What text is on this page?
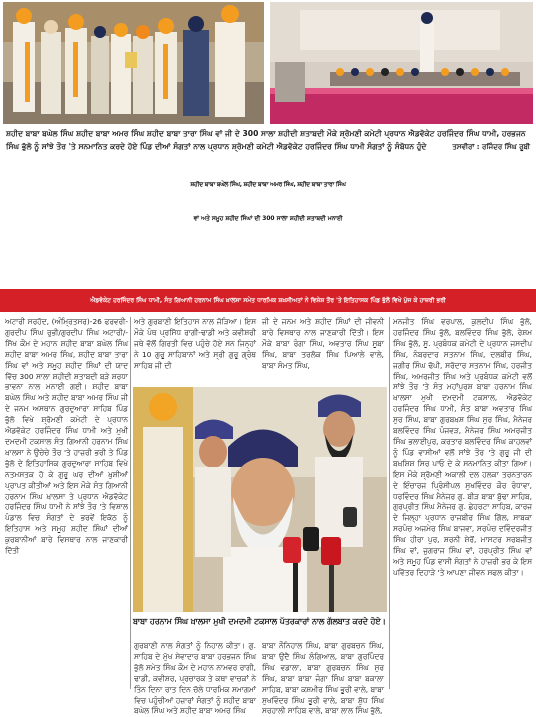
ਸ਼ਹੀਦ ਬਾਬਾ ਬਘੇਲ ਸਿੰਘ ਸ਼ਹੀਦ ਬਾਬਾ ਅਮਰ ਸਿੰਘ ਸ਼ਹੀਦ ਬਾਬਾ ਤਾਰਾ ਸਿੰਘ ਵਾਂ ਜੀ ਦੇ 300 ਸਾਲਾ ਸ਼ਹੀਦੀ ਸ਼ਤਾਬਦੀ ਮੌਕੇ ਸ਼੍ਰੋਮਣੀ ਕਮੇਟੀ ਪ੍ਰਧਾਨ ਐਡਵੋਕੇਟ ਹਰਜਿੰਦਰ ਸਿੰਘ ਧਾਮੀ, ਹਰਭਜਨ ਸਿੰਘ ਭੁੱਲੋ ਨੂੰ ਸਾਂਝੇ ਤੌਰ 'ਤੇ ਸਨਮਾਨਿਤ ਕਰਦੇ ਹੋਏ ਪਿੰਡ ਦੀਆਂ ਸੰਗਤਾਂ ਨਾਲ ਪ੍ਰਧਾਨ ਸ਼੍ਰੋਮਣੀ ਕਮੇਟੀ ਐਡਵੋਕੇਟ ਹਰਜਿੰਦਰ ਸਿੰਘ ਧਾਮੀ ਸੰਗਤਾਂ ਨੂੰ ਸੰਬੋਧਨ ਹੁੰਦੇ	ਤਸਵੀਰਾਂ : ਰਜਿੰਦਰ ਸਿੰਘ ਰੂਬੀ
ਸ਼ਹੀਦ ਬਾਬਾ ਬਘੇਲ ਸਿੰਘ, ਸ਼ਹੀਦ ਬਾਬਾ ਅਮਰ ਸਿੰਘ, ਸ਼ਹੀਦ ਬਾਬਾ ਤਾਰਾ ਸਿੰਘ
ਵਾਂ ਅਤੇ ਸਮੂਹ ਸ਼ਹੀਦ ਸਿੰਘਾਂ ਦੀ 300 ਸਾਲਾ ਸ਼ਹੀਦੀ ਸ਼ਤਾਬਦੀ ਮਨਾਈ
ਐਡਵੋਕੇਟ ਹਰਜਿੰਦਰ ਸਿੰਘ ਧਾਮੀ, ਸੰਤ ਗਿਆਨੀ ਹਰਨਾਮ ਸਿੰਘ ਖ਼ਾਲਸਾ ਸਮੇਤ ਧਾਰਮਿਕ ਸ਼ਖ਼ਸੀਅਤਾਂ ਨੇ ਵਿਸ਼ੇਸ਼ ਤੌਰ 'ਤੇ ਇਤਿਹਾਸਕ ਪਿੰਡ ਭੁੱਲੋ ਵਿਖੇ ਪੁੱਜ ਕੇ ਹਾਜ਼ਰੀ ਭਰੀ

ਅਟਾਰੀ ਸਰਹੱਦ, (ਅੰਮ੍ਰਿਤਸਰ)-26 ਫਰਵਰੀ-ਗੁਰਦੀਪ ਸਿੰਘ ਰੁਭੀ/ਗੁਰਦੀਪ ਸਿੰਘ ਅਟਾਰੀ/-ਸਿੱਖ ਕੌਮ ਦੇ ਮਹਾਨ ਸ਼ਹੀਦ ਬਾਬਾ ਬਘੇਲ ਸਿੰਘ ਸ਼ਹੀਦ ਬਾਬਾ ਅਮਰ ਸਿੰਘ, ਸ਼ਹੀਦ ਬਾਬਾ ਤਾਰਾ ਸਿੰਘ ਵਾਂ ਅਤੇ ਸਮੂਹ ਸ਼ਹੀਦ ਸਿੰਘਾਂ ਦੀ ਯਾਦ ਵਿੱਚ 300 ਸਾਲਾ ਸ਼ਹੀਦੀ ਸ਼ਤਾਬਦੀ ਬੜੇ ਸ਼ਰਧਾ ਭਾਵਨਾ ਨਾਲ ਮਨਾਈ ਗਈ। ਸ਼ਹੀਦ ਬਾਬਾ ਬਘੇਲ ਸਿੰਘ ਅਤੇ ਸ਼ਹੀਦ ਬਾਬਾ ਅਮਰ ਸਿੰਘ ਜੀ ਦੇ ਜਨਮ ਅਸਥਾਨ ਗੁਰਦੁਆਰਾ ਸਾਹਿਬ ਪਿੰਡ ਭੁੱਲੋ ਵਿਖੇ ਸ਼੍ਰੋਮਣੀ ਕਮੇਟੀ ਦੇ ਪ੍ਰਧਾਨ ਐਡਵੋਕੇਟ ਹਰਜਿੰਦਰ ਸਿੰਘ ਧਾਮੀ ਅਤੇ ਮੁਖੀ ਦਮਦਮੀ ਟਕਸਾਲ ਸੰਤ ਗਿਆਨੀ ਹਰਨਾਮ ਸਿੰਘ ਖ਼ਾਲਸਾ ਨੇ ਉਚੇਚੇ ਤੌਰ 'ਤੇ ਹਾਜ਼ਰੀ ਭਰੀ ਤੇ ਪਿੰਡ ਭੁੱਲੋ ਦੇ ਇਤਿਹਾਸਿਕ ਗੁਰਦੁਆਰਾ ਸਾਹਿਬ ਵਿਖੇ ਨਤਮਸਤਕ ਹੋ ਕੇ ਗੁਰੂ ਘਰ ਦੀਆਂ ਖ਼ੁਸ਼ੀਆਂ ਪ੍ਰਾਪਤ ਕੀਤੀਆਂ ਅਤੇ ਇਸ ਮੌਕੇ ਸੰਤ ਗਿਆਨੀ ਹਰਨਾਮ ਸਿੰਘ ਖ਼ਾਲਸਾ ਤੇ ਪ੍ਰਧਾਨ ਐਡਵੋਕੇਟ ਹਰਜਿੰਦਰ ਸਿੰਘ ਧਾਮੀ ਨੇ ਸਾਂਝੇ ਤੌਰ 'ਤੇ ਵਿਸ਼ਾਲ ਪੰਡਾਲ ਵਿਚ ਸੰਗਤਾਂ ਦੇ ਭਰਵੇਂ ਇਕੱਠ ਨੂੰ ਇਤਿਹਾਸ ਅਤੇ ਸਮੂਹ ਸ਼ਹੀਦ ਸਿੰਘਾਂ ਦੀਆਂ ਕੁਰਬਾਨੀਆਂ ਬਾਰੇ ਵਿਸਥਾਰ ਨਾਲ ਜਾਣਕਾਰੀ ਦਿੱਤੀ

ਅਤੇ ਗੁਰਬਾਣੀ ਇਤਿਹਾਸ ਨਾਲ ਜੋੜਿਆ। ਇਸ ਮੌਕੇ ਪੰਥ ਪ੍ਰਸਿੱਧ ਰਾਗੀ-ਢਾਡੀ ਅਤੇ ਕਵੀਸ਼ਰੀ ਜਥੇ ਵੱਲੋਂ ਗਿਰਤੀ ਵਿਚ ਪਹੁੰਚੇ ਹੋਏ ਸਨ ਜਿਨ੍ਹਾਂ ਨੇ 10 ਗੁਰੂ ਸਾਹਿਬਾਨਾਂ ਅਤੇ ਸ੍ਰੀ ਗੁਰੂ ਗ੍ਰੰਥ ਸਾਹਿਬ ਜੀ ਦੀ

ਜੀ ਦੇ ਜਨਮ ਅਤੇ ਸ਼ਹੀਦ ਸਿੰਘਾਂ ਦੀ ਜੀਵਨੀ ਬਾਰੇ ਵਿਸਥਾਰ ਨਾਲ ਜਾਣਕਾਰੀ ਦਿੱਤੀ। ਇਸ ਮੌਕੇ ਬਾਬਾ ਰੰਗਾ ਸਿੰਘ, ਅਵਤਾਰ ਸਿੰਘ ਸੂਬਾ ਸਿੰਘ, ਬਾਬਾ ਤਰਲੋਕ ਸਿੰਘ ਪਿਆਲੇ ਵਾਲੇ, ਬਾਬਾ ਸੰਮਤ ਸਿੰਘ,

ਬਾਬਾ ਹਰਨਾਮ ਸਿੰਘ ਖ਼ਾਲਸਾ ਮੁਖੀ ਦਮਦਮੀ ਟਕਸਾਲ ਪੱਤਰਕਾਰਾਂ ਨਾਲ ਗੱਲਬਾਤ ਕਰਦੇ ਹੋਏ।

ਗੁਰਬਾਣੀ ਨਾਲ ਸੰਗਤਾਂ ਨੂੰ ਨਿਹਾਲ ਕੀਤਾ। ਗੁ. ਸਾਹਿਬ ਦੇ ਮੁੱਖ ਸੇਵਾਦਾਰ ਬਾਬਾ ਹਰਭਜਨ ਸਿੰਘ ਭੁੱਲੋ ਸਮੇਤ ਸਿੰਘ ਕੌਮ ਦੇ ਮਹਾਨ ਨਾਮਵਰ ਰਾਗੀ, ਢਾਡੀ, ਕਵੀਸ਼ਰ, ਪ੍ਰਚਾਰਕ ਤੇ ਕਥਾ ਵਾਚਕਾਂ ਨੇ ਤਿੰਨ ਦਿਨਾ ਰਾਤ ਦਿਨ ਚੱਲੇ ਧਾਰਮਿਕ ਸਮਾਗਮਾਂ ਵਿਚ ਪਹੁੰਚੀਆਂ ਹਜ਼ਾਰਾਂ ਸੰਗਤਾਂ ਨੂੰ ਸ਼ਹੀਦ ਬਾਬਾ ਬਘੇਲ ਸਿੰਘ ਅਤੇ ਸ਼ਹੀਦ ਬਾਬਾ ਅਮਰ ਸਿੰਘ

ਬਾਬਾ ਨੌਨਿਹਾਲ ਸਿੰਘ, ਬਾਬਾ ਗੁਰਬਚਨ ਸਿੰਘ, ਬਾਬਾ ਉਦੈ ਸਿੰਘ ਲੰਗਿਆਲ, ਬਾਬਾ ਗੁਰਪਿੰਦਰ ਸਿੰਘ ਵਡਾਲਾ, ਬਾਬਾ ਗੁਰਬਚਨ ਸਿੰਘ ਸੁਰ ਸਿੰਘ, ਬਾਬਾ ਬਾਬਾ ਜੰਗਾ ਸਿੰਘ ਬਾਬਾ ਬਕਾਲਾ ਸਾਹਿਬ, ਬਾਬਾ ਕਸ਼ਮੀਰ ਸਿੰਘ ਭੂਰੀ ਵਾਲੇ, ਬਾਬਾ ਸੁਖਵਿੰਦਰ ਸਿੰਘ ਭੂਰੀ ਵਾਲੇ, ਬਾਬਾ ਸ਼ੁੱਧ ਸਿੰਘ ਸਰਹਾਲੀ ਸਾਹਿਬ ਵਾਲੇ, ਬਾਬਾ ਲਾਲ ਸਿੰਘ ਭੁੱਲੋ,

ਮਨਜੀਤ ਸਿੰਘ ਵਰਪਾਲ, ਕੁਲਦੀਪ ਸਿੰਘ ਭੁੱਲੋ, ਹਰਜਿੰਦਰ ਸਿੰਘ ਭੁੱਲੋ, ਬਲਵਿੰਦਰ ਸਿੰਘ ਭੁੱਲੋ, ਰੇਸ਼ਮ ਸਿੰਘ ਭੁੱਲੋ, ਸੂ. ਪ੍ਰਬੰਧਕ ਕਮੇਟੀ ਦੇ ਪ੍ਰਧਾਨ ਜਸਦੀਪ ਸਿੰਘ, ਨੰਬਰਦਾਰ ਸਤਨਾਮ ਸਿੰਘ, ਦਲਬੀਰ ਸਿੰਘ, ਜਗੀਰ ਸਿੰਘ ਢੱਪੀ, ਸਰੋਦਾਰ ਸਤਨਾਮ ਸਿੰਘ, ਹਰਜੀਤ ਸਿੰਘ, ਅਮਰਜੀਤ ਸਿੰਘ ਅਤੇ ਪ੍ਰਬੰਧਕ ਕਮੇਟੀ ਵਲੋਂ ਸਾਂਝੇ ਤੌਰ 'ਤੇ ਸੰਤ ਮਹਾਂਪੁਰਸ਼ ਬਾਬਾ ਹਰਨਾਮ ਸਿੰਘ ਖ਼ਾਲਸਾ ਮੁਖੀ ਦਮਦਮੀ ਟਕਸਾਲ, ਐਡਵੋਕੇਟ ਹਰਜਿੰਦਰ ਸਿੰਘ ਧਾਮੀ, ਸੰਤ ਬਾਬਾ ਅਵਤਾਰ ਸਿੰਘ ਸੁਰ ਸਿੰਘ, ਬਾਬਾ ਗੁਰਬਖ਼ਸ਼ ਸਿੰਘ ਸੁਰ ਸਿੰਘ, ਮੈਨੇਜਰ ਬਲਵਿੰਦਰ ਸਿੰਘ ਪੰਜਵੜ, ਮੈਨੇਜਰ ਸਿੰਘ ਅਮਰਜੀਤ ਸਿੰਘ ਭਲਾਈਪੁਰ, ਕਰਤਾਰ ਬਲਵਿੰਦਰ ਸਿੰਘ ਕਾਹਲਵਾਂ ਨੂੰ ਪਿੰਡ ਵਾਸੀਆਂ ਵਲੋਂ ਸਾਂਝੇ ਤੌਰ 'ਤੇ ਗੁਰੂ ਜੀ ਦੀ ਬਖ਼ਸ਼ਿਸ਼ ਸਿਰ ਪਾਓ ਦੇ ਕੇ ਸਨਮਾਨਿਤ ਕੀਤਾ ਗਿਆ। ਇਸ ਮੌਕੇ ਸ਼੍ਰੋਮਣੀ ਅਕਾਲੀ ਦਲ ਹਲਕਾ ਤਰਨਤਾਰਨ ਦੇ ਇੰਚਾਰਜ ਪ੍ਰਿੰਸੀਪਲ ਸੁਖਵਿੰਦਰ ਕੌਰ ਰੰਧਾਵਾ, ਧਰਵਿੰਦਰ ਸਿੰਘ ਮੈਨੇਜਰ ਗੁ. ਬੀੜ ਬਾਬਾ ਬੁੱਢਾ ਸਾਹਿਬ, ਗੁਰਪ੍ਰੀਤ ਸਿੰਘ ਮੈਨੇਜਰ ਗੁ. ਛੇਹਰਟਾ ਸਾਹਿਬ, ਕਾਰਜ ਦੇ ਜਿਲ੍ਹਾ ਪ੍ਰਧਾਨ ਰਾਜਬੀਰ ਸਿੰਘ ਗਿੱਲ, ਸਾਬਕਾ ਸਰਪੰਚ ਅਜਮੇਰ ਸਿੰਘ ਬਾਜਵਾ, ਸਰਪੰਚ ਦਵਿੰਦਰਜੀਤ ਸਿੰਘ ਹੀਰਾ ਪੁਰ, ਸ਼ਰਨੀ ਸ਼ੇਰੋਂ, ਮਾਸਟਰ ਸਰਬਜੀਤ ਸਿੰਘ ਵਾਂ, ਜੁਗਰਾਜ ਸਿੰਘ ਵਾਂ, ਹਰਪ੍ਰੀਤ ਸਿੰਘ ਵਾਂ ਅਤੇ ਸਮੂਹ ਪਿੰਡ ਵਾਸੀ ਸੰਗਤਾਂ ਨੇ ਹਾਜ਼ਰੀ ਭਰ ਕੇ ਇਸ ਪਵਿੱਤਰ ਦਿਹਾੜੇ 'ਤੇ ਆਪਣਾ ਜੀਵਨ ਸਫਲ ਕੀਤਾ।
